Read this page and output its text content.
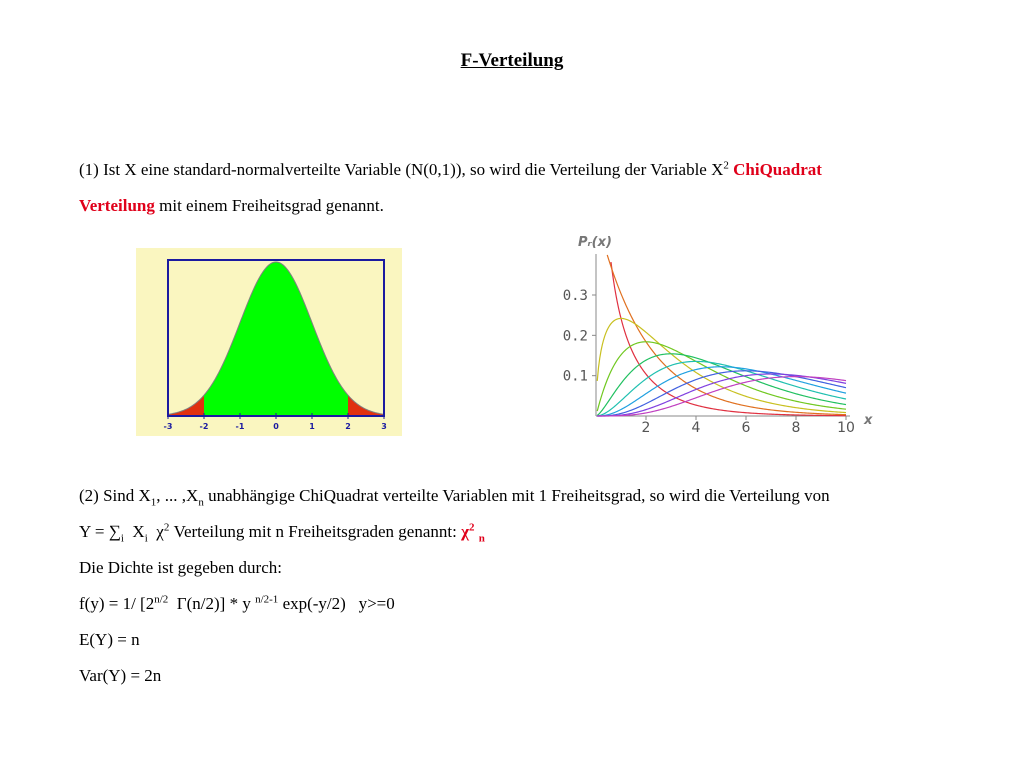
F-Verteilung
(1) Ist X eine standard-normalverteilte Variable (N(0,1)), so wird die Verteilung der Variable $X^2$ ChiQuadrat
Verteilung mit einem Freiheitsgrad genannt.
-3	-2	-1	0	1	2	3
Pᵣ(x)
x
0.3
0.2
0.1
2	4	6	8	10
(2) Sind $X_1$, ... $,X_n$ unabhängige ChiQuadrat verteilte Variablen mit 1 Freiheitsgrad, so wird die Verteilung von
$Y = \sum_i$ $X_i$ $\chi^2$ Verteilung mit n Freiheitsgraden genannt: $\chi^2$ $_n$
Die Dichte ist gegeben durch:
f(y) = 1/ [$2^{n/2}$ Γ(n/2)] * y $^{n/2-1}$ exp(-y/2)   y>=0
E(Y) = n
Var(Y) = 2n
